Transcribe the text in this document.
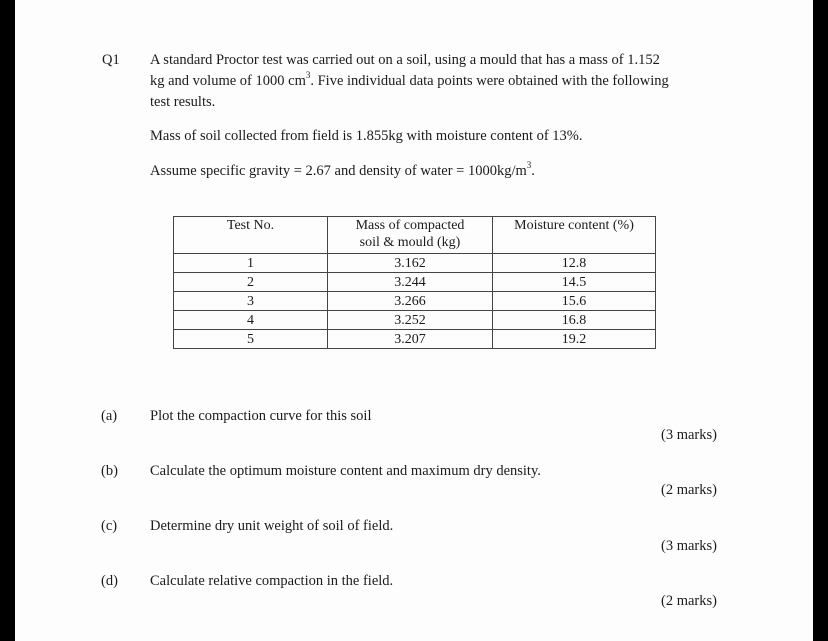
Q1 A standard Proctor test was carried out on a soil, using a mould that has a mass of 1.152
kg and volume of 1000 $cm^3$. Five individual data points were obtained with the following
test results.
Mass of soil collected from field is 1.855kg with moisture content of 13%.
Assume specific gravity = 2.67 and density of water = $1000kg/m^3$.
Test No.	Mass of compacted
soil & mould (kg)	Moisture content (%)
1	3.162	12.8
2	3.244	14.5
3	3.266	15.6
4	3.252	16.8
5	3.207	19.2
(a) Plot the compaction curve for this soil
(3 marks)
(b) Calculate the optimum moisture content and maximum dry density.
(2 marks)
(c) Determine dry unit weight of soil of field.
(3 marks)
(d) Calculate relative compaction in the field.
(2 marks)
